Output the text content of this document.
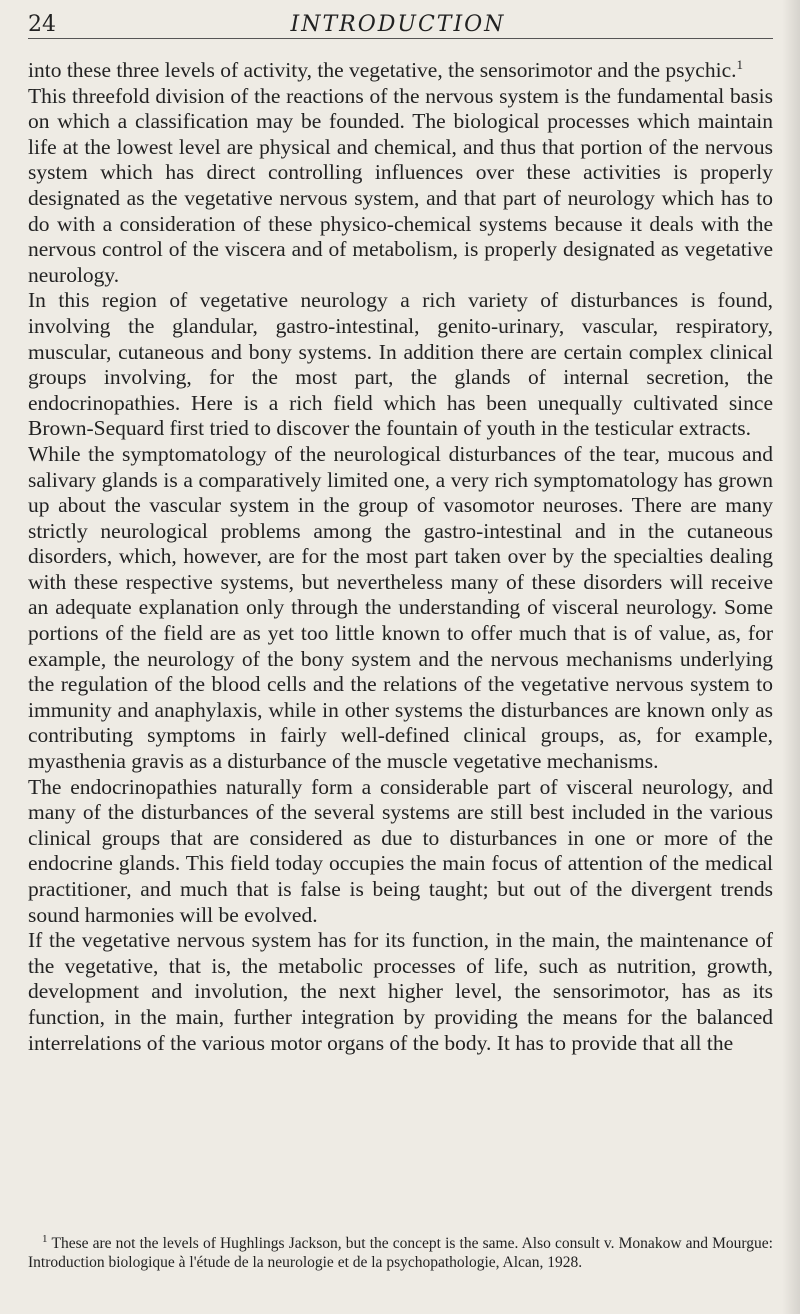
24	INTRODUCTION

into these three levels of activity, the vegetative, the sensorimotor and the psychic.$^1$

This threefold division of the reactions of the nervous system is the fundamental basis on which a classification may be founded. The biological processes which maintain life at the lowest level are physical and chemical, and thus that portion of the nervous system which has direct controlling influences over these activities is properly designated as the vegetative nervous system, and that part of neurology which has to do with a consideration of these physico-chemical systems because it deals with the nervous control of the viscera and of metabolism, is properly designated as vegetative neurology.

In this region of vegetative neurology a rich variety of disturbances is found, involving the glandular, gastro-intestinal, genito-urinary, vascular, respiratory, muscular, cutaneous and bony systems. In addition there are certain complex clinical groups involving, for the most part, the glands of internal secretion, the endocrinopathies. Here is a rich field which has been unequally cultivated since Brown-Sequard first tried to discover the fountain of youth in the testicular extracts.

While the symptomatology of the neurological disturbances of the tear, mucous and salivary glands is a comparatively limited one, a very rich symptomatology has grown up about the vascular system in the group of vasomotor neuroses. There are many strictly neurological problems among the gastro-intestinal and in the cutaneous disorders, which, however, are for the most part taken over by the specialties dealing with these respective systems, but nevertheless many of these disorders will receive an adequate explanation only through the understanding of visceral neurology. Some portions of the field are as yet too little known to offer much that is of value, as, for example, the neurology of the bony system and the nervous mechanisms underlying the regulation of the blood cells and the relations of the vegetative nervous system to immunity and anaphylaxis, while in other systems the disturbances are known only as contributing symptoms in fairly well-defined clinical groups, as, for example, myasthenia gravis as a disturbance of the muscle vegetative mechanisms.

The endocrinopathies naturally form a considerable part of visceral neurology, and many of the disturbances of the several systems are still best included in the various clinical groups that are considered as due to disturbances in one or more of the endocrine glands. This field today occupies the main focus of attention of the medical practitioner, and much that is false is being taught; but out of the divergent trends sound harmonies will be evolved.

If the vegetative nervous system has for its function, in the main, the maintenance of the vegetative, that is, the metabolic processes of life, such as nutrition, growth, development and involution, the next higher level, the sensorimotor, has as its function, in the main, further integration by providing the means for the balanced interrelations of the various motor organs of the body. It has to provide that all the

$^1$ These are not the levels of Hughlings Jackson, but the concept is the same. Also consult v. Monakow and Mourgue: Introduction biologique à l'étude de la neurologie et de la psychopathologie, Alcan, 1928.
